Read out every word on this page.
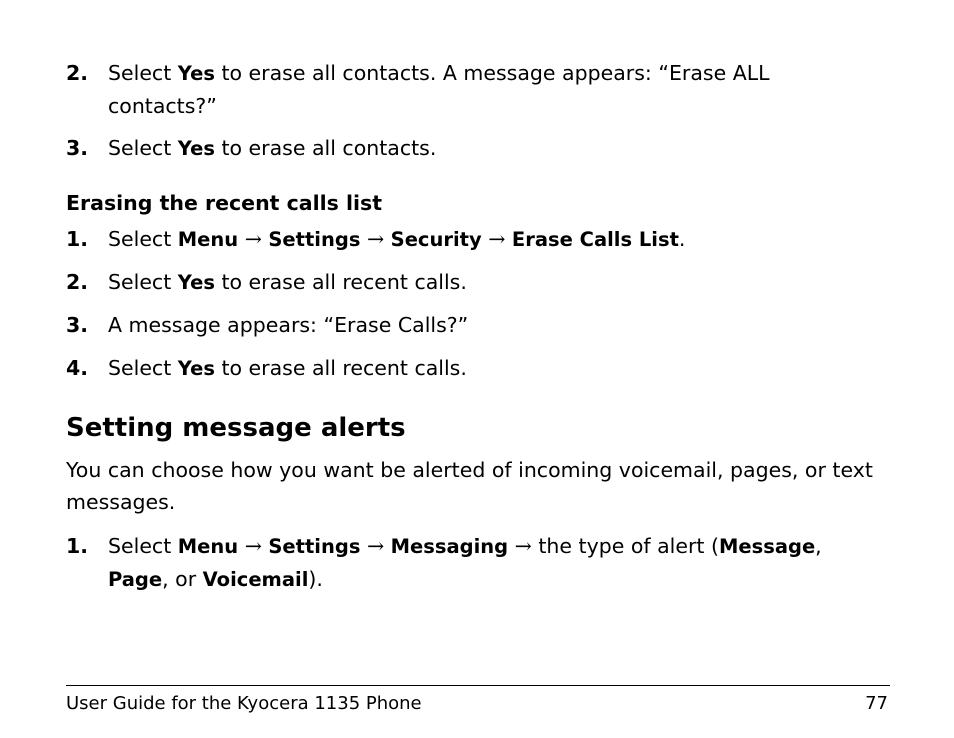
2. Select Yes to erase all contacts. A message appears: “Erase ALL contacts?”
3. Select Yes to erase all contacts.
Erasing the recent calls list
1. Select Menu → Settings → Security → Erase Calls List.
2. Select Yes to erase all recent calls.
3. A message appears: “Erase Calls?”
4. Select Yes to erase all recent calls.
Setting message alerts
You can choose how you want be alerted of incoming voicemail, pages, or text messages.
1. Select Menu → Settings → Messaging → the type of alert (Message, Page, or Voicemail).
User Guide for the Kyocera 1135 Phone	77
